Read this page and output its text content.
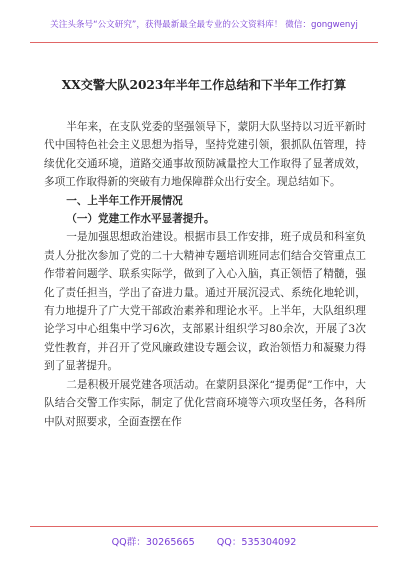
关注头条号“公文研究”，获得最新最全最专业的公文资料库！ 微信：gongwenyj
XX交警大队2023年半年工作总结和下半年工作打算

半年来，在支队党委的坚强领导下，蒙阴大队坚持以习近平新时代中国特色社会主义思想为指导，坚持党建引领，狠抓队伍管理，持续优化交通环境，道路交通事故预防减量控大工作取得了显著成效，多项工作取得新的突破有力地保障群众出行安全。现总结如下。

一、上半年工作开展情况
（一）党建工作水平显著提升。

一是加强思想政治建设。根据市县工作安排，班子成员和科室负责人分批次参加了党的二十大精神专题培训班同志们结合交管重点工作带着问题学、联系实际学，做到了入心入脑，真正领悟了精髓，强化了责任担当，学出了奋进力量。通过开展沉浸式、系统化地轮训，有力地提升了广大党干部政治素养和理论水平。上半年，大队组织理论学习中心组集中学习6次，支部累计组织学习80余次，开展了3次党性教育，并召开了党风廉政建设专题会议，政治领悟力和凝聚力得到了显著提升。

二是积极开展党建各项活动。在蒙阴县深化“提勇促”工作中，大队结合交警工作实际，制定了优化营商环境等六项攻坚任务，各科所中队对照要求，全面查摆在作

QQ群：30265665 QQ：535304092
